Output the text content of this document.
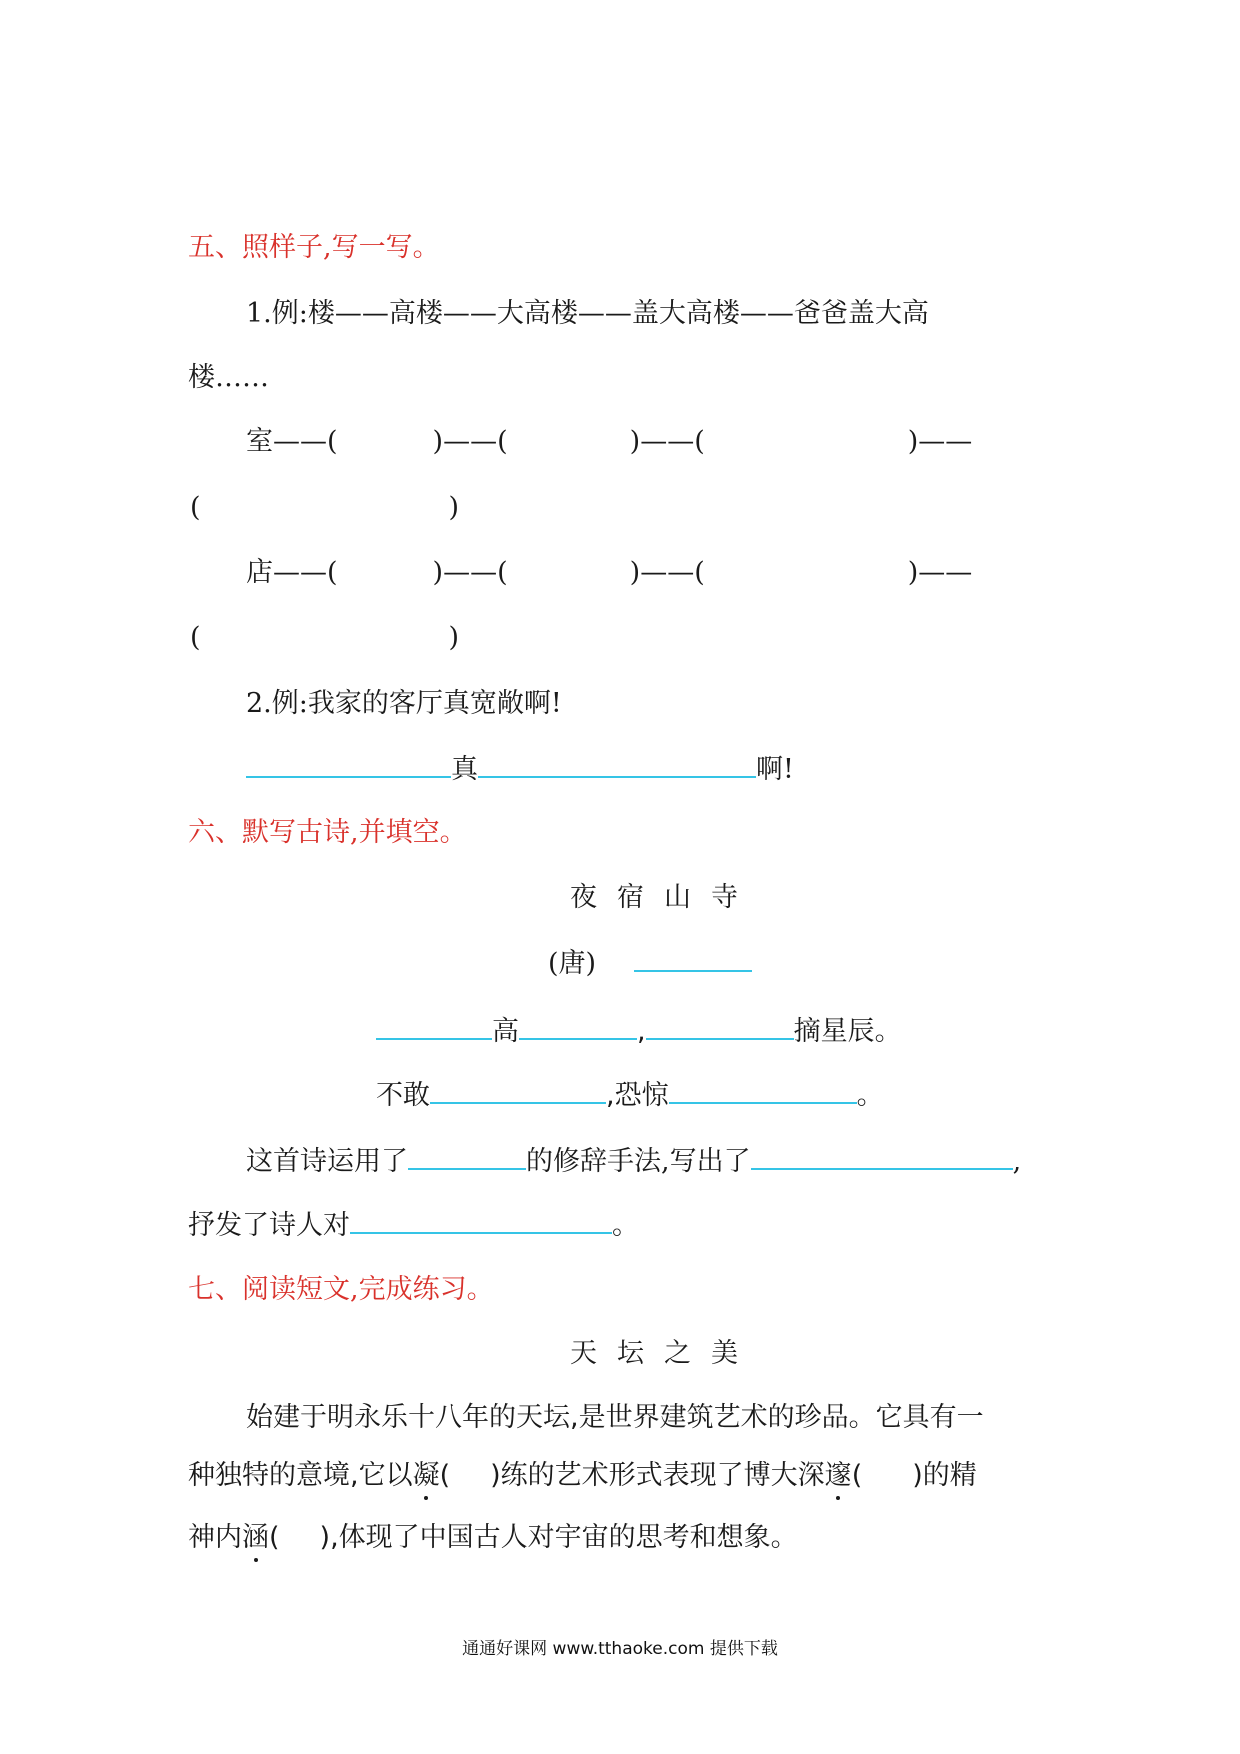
五、照样子,写一写。
1.例:楼——高楼——大高楼——盖大高楼——爸爸盖大高
楼……
室——(	)——(	)——(	)——
(	)
店——(	)——(	)——(	)——
(	)
2.例:我家的客厅真宽敞啊!
真	啊!
六、默写古诗,并填空。
夜宿山寺
(唐)
高	,	摘星辰。
不敢	,恐惊	。
这首诗运用了	的修辞手法,写出了	,
抒发了诗人对	。
七、阅读短文,完成练习。
天坛之美
始建于明永乐十八年的天坛,是世界建筑艺术的珍品。它具有一
种独特的意境,它以凝( )练的艺术形式表现了博大深邃( )的精
神内涵( ),体现了中国古人对宇宙的思考和想象。
通通好课网 www.tthaoke.com 提供下载
